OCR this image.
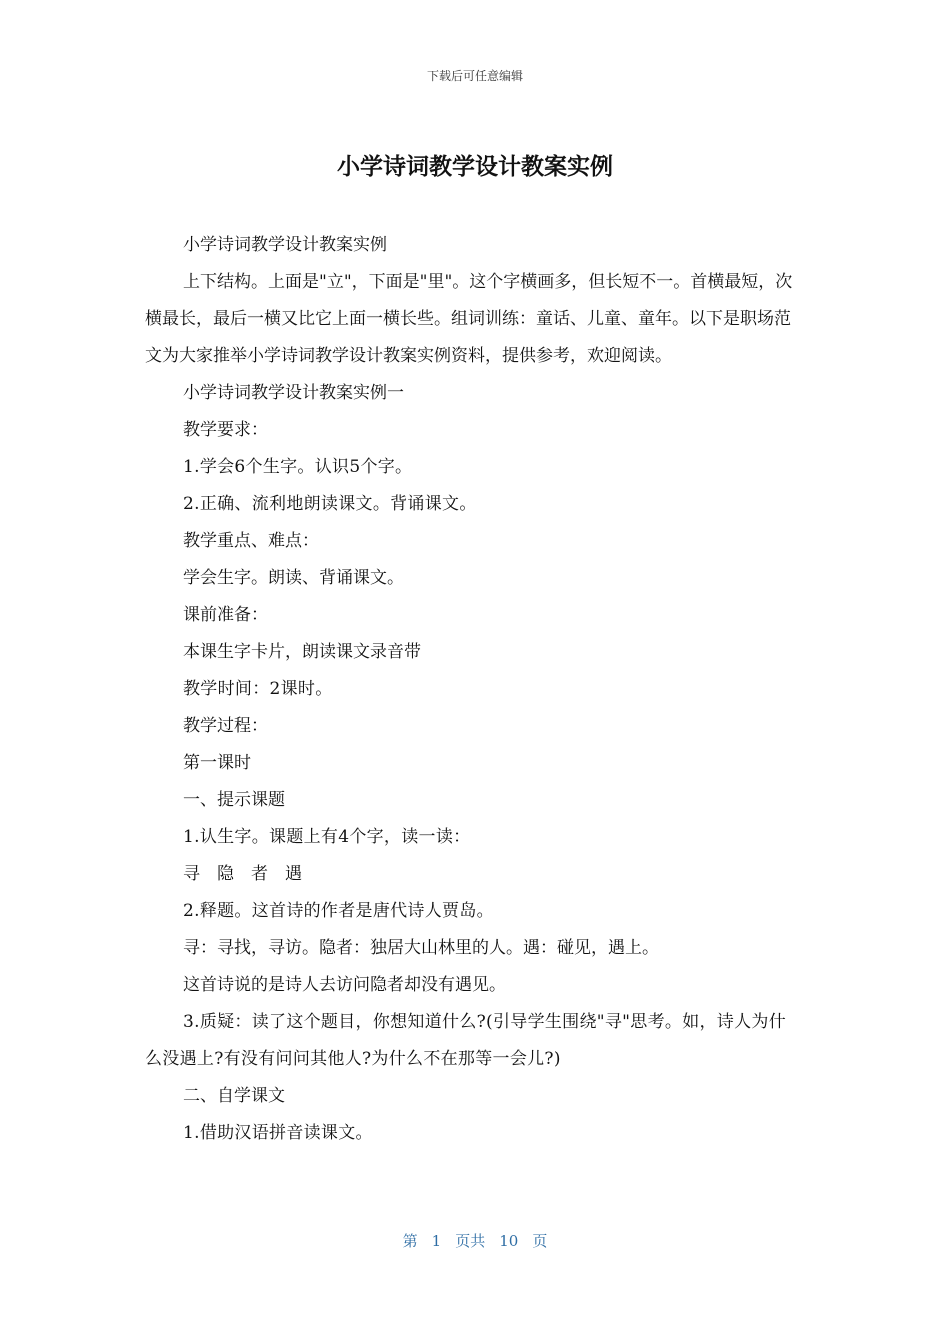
下载后可任意编辑
小学诗词教学设计教案实例

小学诗词教学设计教案实例

上下结构。上面是"立"，下面是"里"。这个字横画多，但长短不一。首横最短，次横最长，最后一横又比它上面一横长些。组词训练：童话、儿童、童年。以下是职场范文为大家推举小学诗词教学设计教案实例资料，提供参考，欢迎阅读。

小学诗词教学设计教案实例一

教学要求：

1.学会6个生字。认识5个字。

2.正确、流利地朗读课文。背诵课文。

教学重点、难点：

学会生字。朗读、背诵课文。

课前准备：

本课生字卡片，朗读课文录音带

教学时间：2课时。

教学过程：

第一课时

一、提示课题

1.认生字。课题上有4个字，读一读：

寻　隐　者　遇

2.释题。这首诗的作者是唐代诗人贾岛。

寻：寻找，寻访。隐者：独居大山林里的人。遇：碰见，遇上。

这首诗说的是诗人去访问隐者却没有遇见。

3.质疑：读了这个题目，你想知道什么?(引导学生围绕"寻"思考。如，诗人为什么没遇上?有没有问问其他人?为什么不在那等一会儿?)

二、自学课文

1.借助汉语拼音读课文。

第 1 页共 10 页
